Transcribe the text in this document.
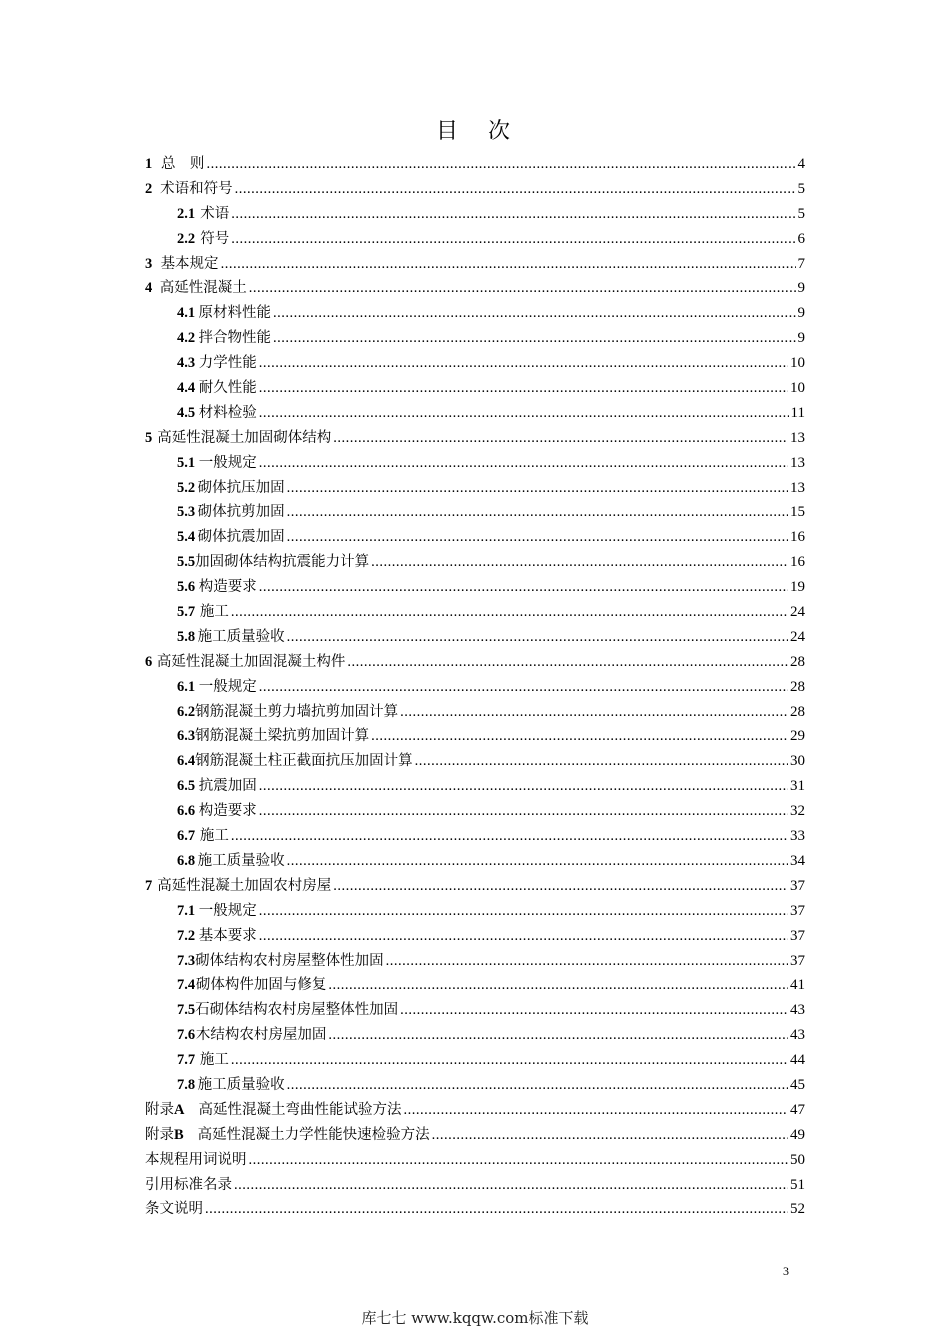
目　次
1 总　则 .....	4
2 术语和符号 .....	5
2.1 术语 .....	5
2.2 符号 .....	6
3 基本规定 .....	7
4 高延性混凝土 .....	9
4.1 原材料性能 .....	9
4.2 拌合物性能 .....	9
4.3 力学性能 .....	10
4.4 耐久性能 .....	10
4.5 材料检验 .....	11
5 高延性混凝土加固砌体结构 .....	13
5.1 一般规定 .....	13
5.2 砌体抗压加固 .....	13
5.3 砌体抗剪加固 .....	15
5.4 砌体抗震加固 .....	16
5.5 加固砌体结构抗震能力计算 .....	16
5.6 构造要求 .....	19
5.7 施工 .....	24
5.8 施工质量验收 .....	24
6 高延性混凝土加固混凝土构件 .....	28
6.1 一般规定 .....	28
6.2 钢筋混凝土剪力墙抗剪加固计算 .....	28
6.3 钢筋混凝土梁抗剪加固计算 .....	29
6.4 钢筋混凝土柱正截面抗压加固计算 .....	30
6.5 抗震加固 .....	31
6.6 构造要求 .....	32
6.7 施工 .....	33
6.8 施工质量验收 .....	34
7 高延性混凝土加固农村房屋 .....	37
7.1 一般规定 .....	37
7.2 基本要求 .....	37
7.3 砌体结构农村房屋整体性加固 .....	37
7.4 砌体构件加固与修复 .....	41
7.5 石砌体结构农村房屋整体性加固 .....	43
7.6 木结构农村房屋加固 .....	43
7.7 施工 .....	44
7.8 施工质量验收 .....	45
附录 A 高延性混凝土弯曲性能试验方法 .....	47
附录 B 高延性混凝土力学性能快速检验方法 .....	49
本规程用词说明 .....	50
引用标准名录 .....	51
条文说明 .....	52
3
库七七 www.kqqw.com标准下载
